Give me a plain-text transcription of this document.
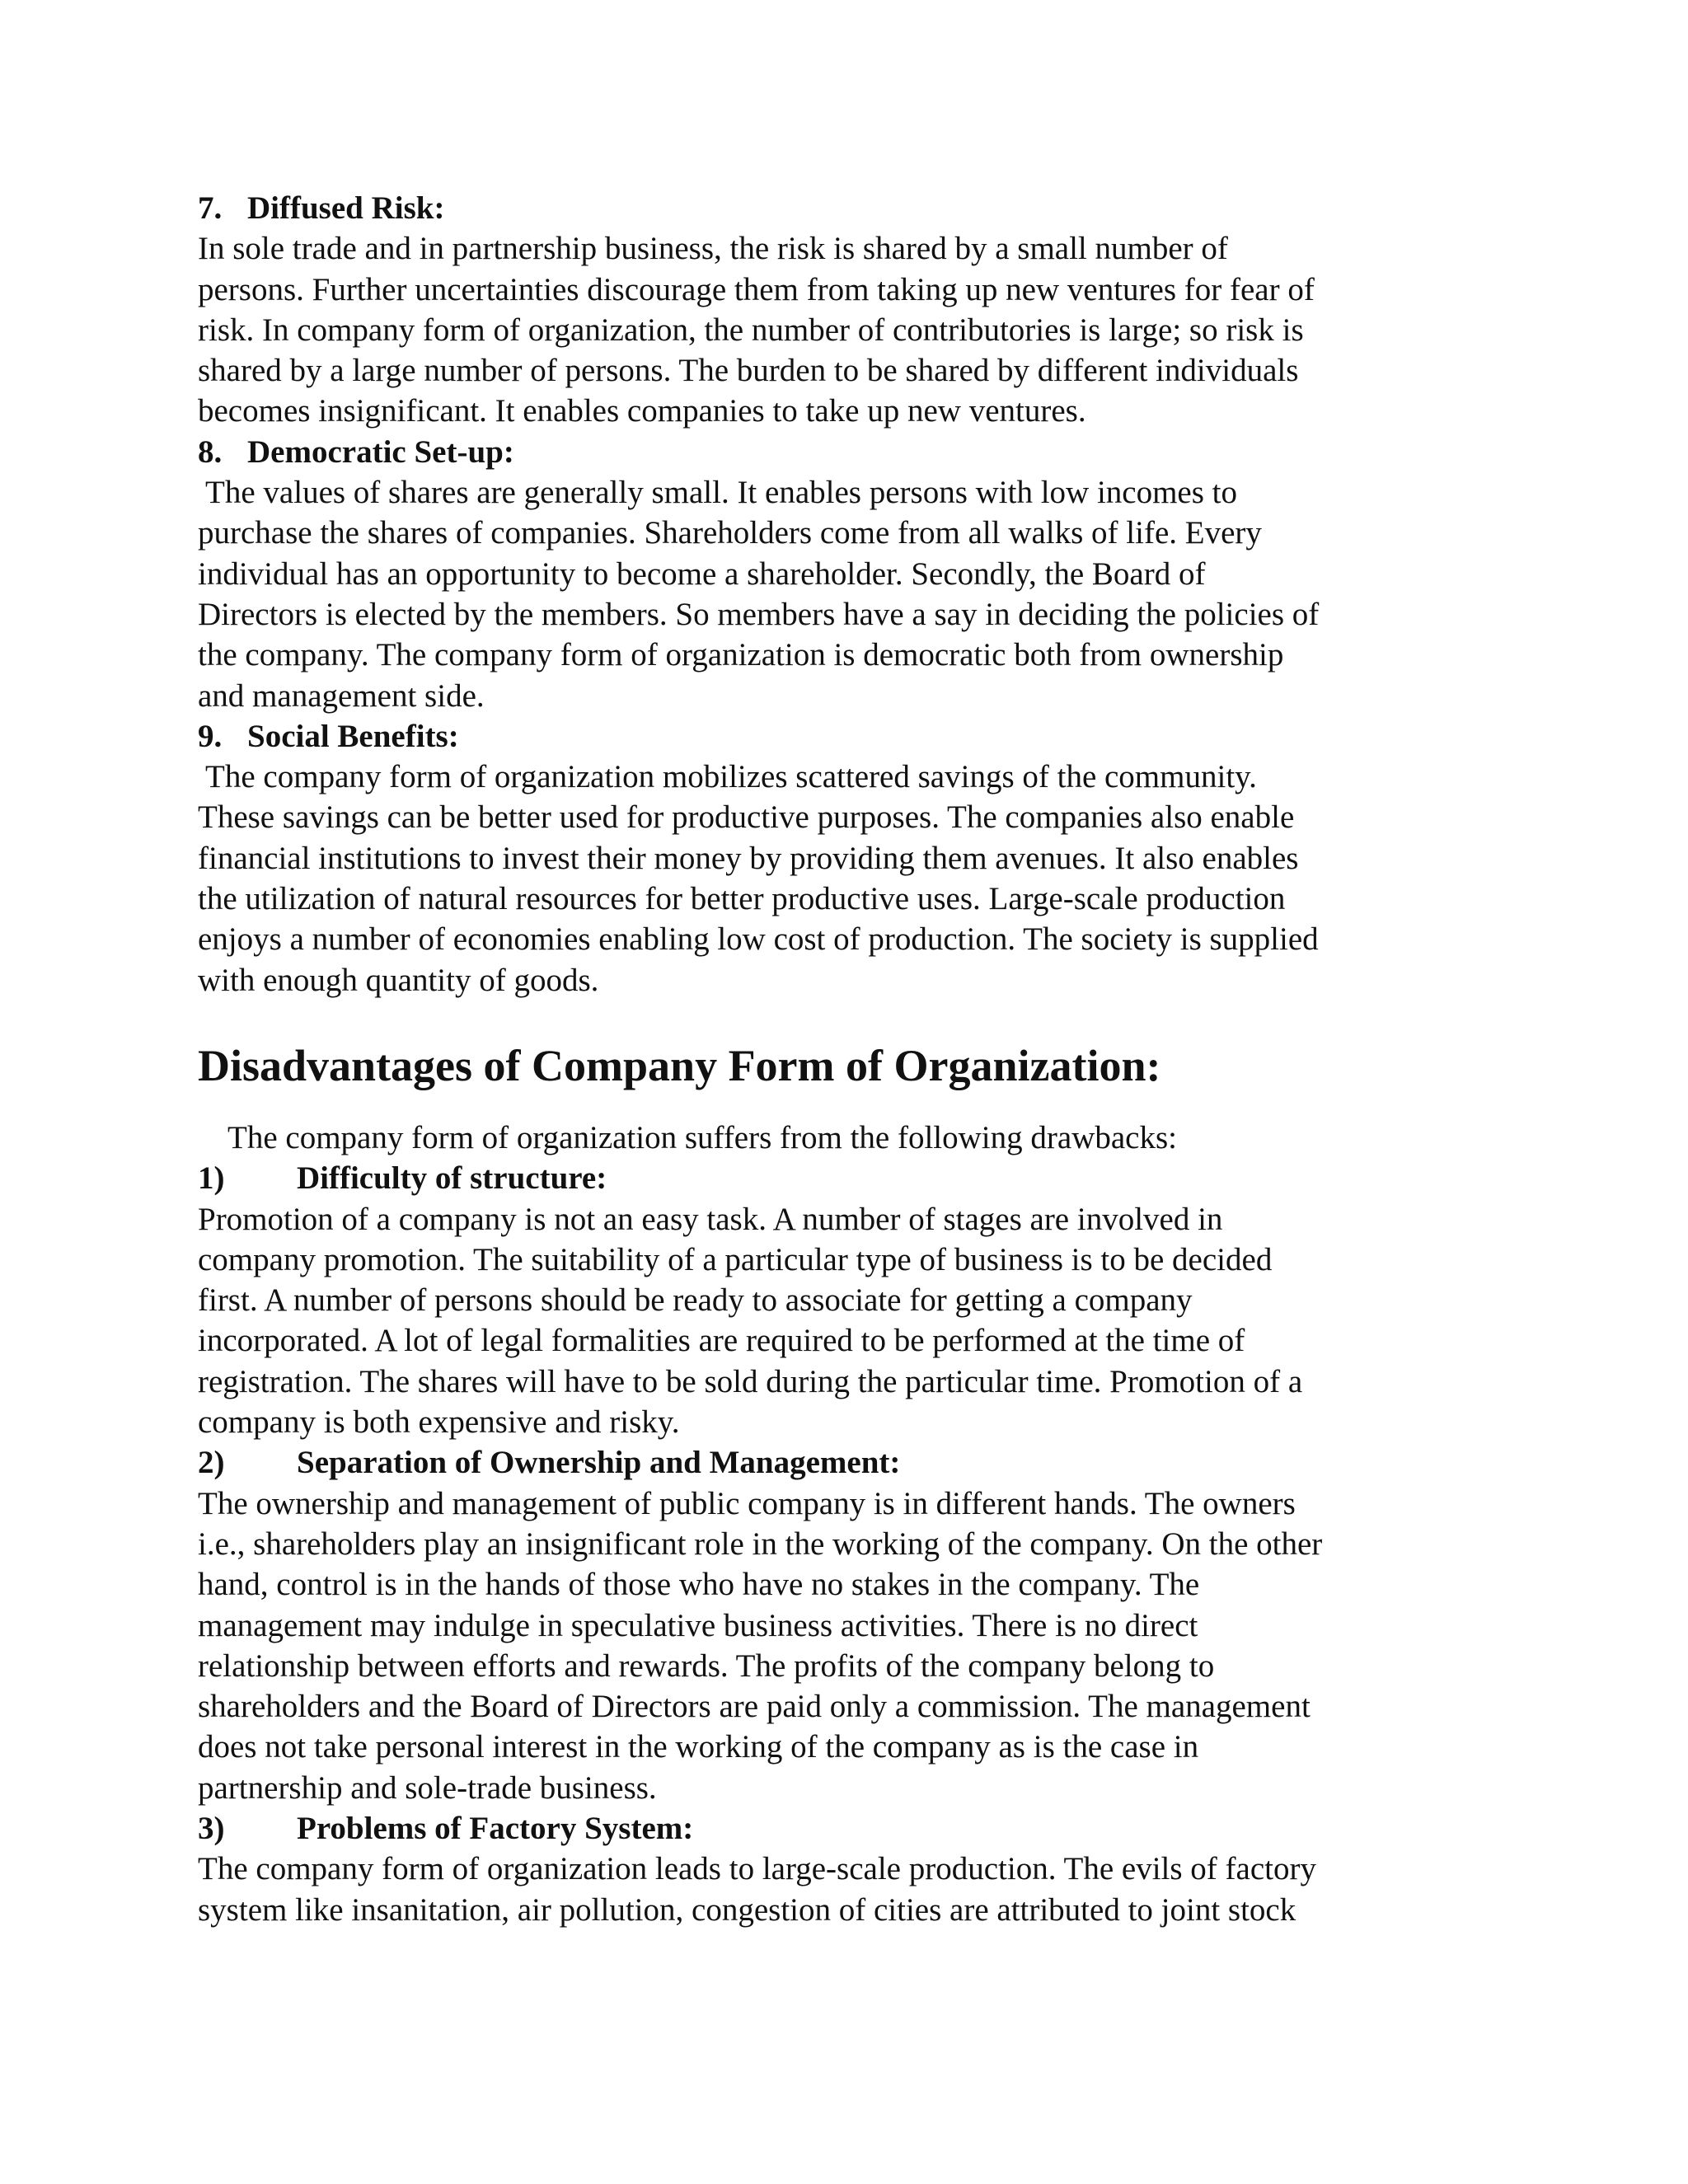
7. Diffused Risk:

In sole trade and in partnership business, the risk is shared by a small number of

persons. Further uncertainties discourage them from taking up new ventures for fear of

risk. In company form of organization, the number of contributories is large; so risk is

shared by a large number of persons. The burden to be shared by different individuals

becomes insignificant. It enables companies to take up new ventures.

8. Democratic Set-up:

The values of shares are generally small. It enables persons with low incomes to

purchase the shares of companies. Shareholders come from all walks of life. Every

individual has an opportunity to become a shareholder. Secondly, the Board of

Directors is elected by the members. So members have a say in deciding the policies of

the company. The company form of organization is democratic both from ownership

and management side.

9. Social Benefits:

The company form of organization mobilizes scattered savings of the community.

These savings can be better used for productive purposes. The companies also enable

financial institutions to invest their money by providing them avenues. It also enables

the utilization of natural resources for better productive uses. Large-scale production

enjoys a number of economies enabling low cost of production. The society is supplied

with enough quantity of goods.

Disadvantages of Company Form of Organization:

The company form of organization suffers from the following drawbacks:

1) Difficulty of structure:

Promotion of a company is not an easy task. A number of stages are involved in

company promotion. The suitability of a particular type of business is to be decided

first. A number of persons should be ready to associate for getting a company

incorporated. A lot of legal formalities are required to be performed at the time of

registration. The shares will have to be sold during the particular time. Promotion of a

company is both expensive and risky.

2) Separation of Ownership and Management:

The ownership and management of public company is in different hands. The owners

i.e., shareholders play an insignificant role in the working of the company. On the other

hand, control is in the hands of those who have no stakes in the company. The

management may indulge in speculative business activities. There is no direct

relationship between efforts and rewards. The profits of the company belong to

shareholders and the Board of Directors are paid only a commission. The management

does not take personal interest in the working of the company as is the case in

partnership and sole-trade business.

3) Problems of Factory System:

The company form of organization leads to large-scale production. The evils of factory

system like insanitation, air pollution, congestion of cities are attributed to joint stock
